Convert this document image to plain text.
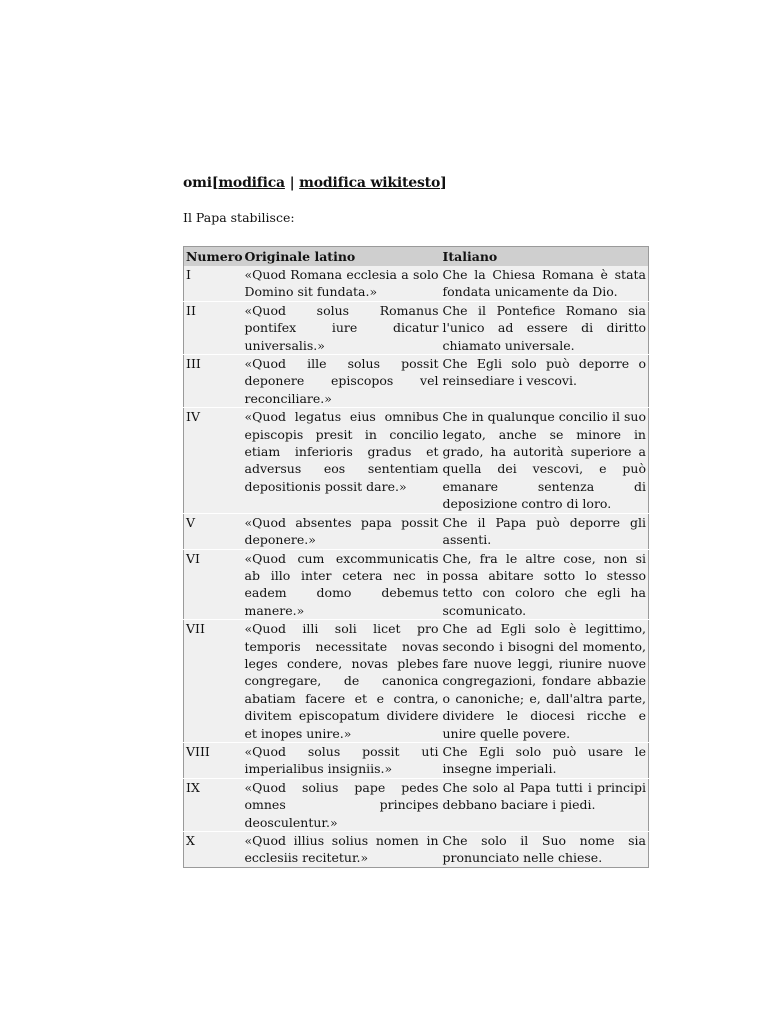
omi[modifica | modifica wikitesto]

Il Papa stabilisce:

Numero	Originale latino	Italiano
I	«Quod Romana ecclesia a solo Domino sit fundata.»	Che la Chiesa Romana è stata fondata unicamente da Dio.
II	«Quod solus Romanus pontifex iure dicatur universalis.»	Che il Pontefice Romano sia l'unico ad essere di diritto chiamato universale.
III	«Quod ille solus possit deponere episcopos vel reconciliare.»	Che Egli solo può deporre o reinsediare i vescovi.
IV	«Quod legatus eius omnibus episcopis presit in concilio etiam inferioris gradus et adversus eos sententiam depositionis possit dare.»	Che in qualunque concilio il suo legato, anche se minore in grado, ha autorità superiore a quella dei vescovi, e può emanare sentenza di deposizione contro di loro.
V	«Quod absentes papa possit deponere.»	Che il Papa può deporre gli assenti.
VI	«Quod cum excommunicatis ab illo inter cetera nec in eadem domo debemus manere.»	Che, fra le altre cose, non si possa abitare sotto lo stesso tetto con coloro che egli ha scomunicato.
VII	«Quod illi soli licet pro temporis necessitate novas leges condere, novas plebes congregare, de canonica abatiam facere et e contra, divitem episcopatum dividere et inopes unire.»	Che ad Egli solo è legittimo, secondo i bisogni del momento, fare nuove leggi, riunire nuove congregazioni, fondare abbazie o canoniche; e, dall'altra parte, dividere le diocesi ricche e unire quelle povere.
VIII	«Quod solus possit uti imperialibus insigniis.»	Che Egli solo può usare le insegne imperiali.
IX	«Quod solius pape pedes omnes principes deosculentur.»	Che solo al Papa tutti i principi debbano baciare i piedi.
X	«Quod illius solius nomen in ecclesiis recitetur.»	Che solo il Suo nome sia pronunciato nelle chiese.
